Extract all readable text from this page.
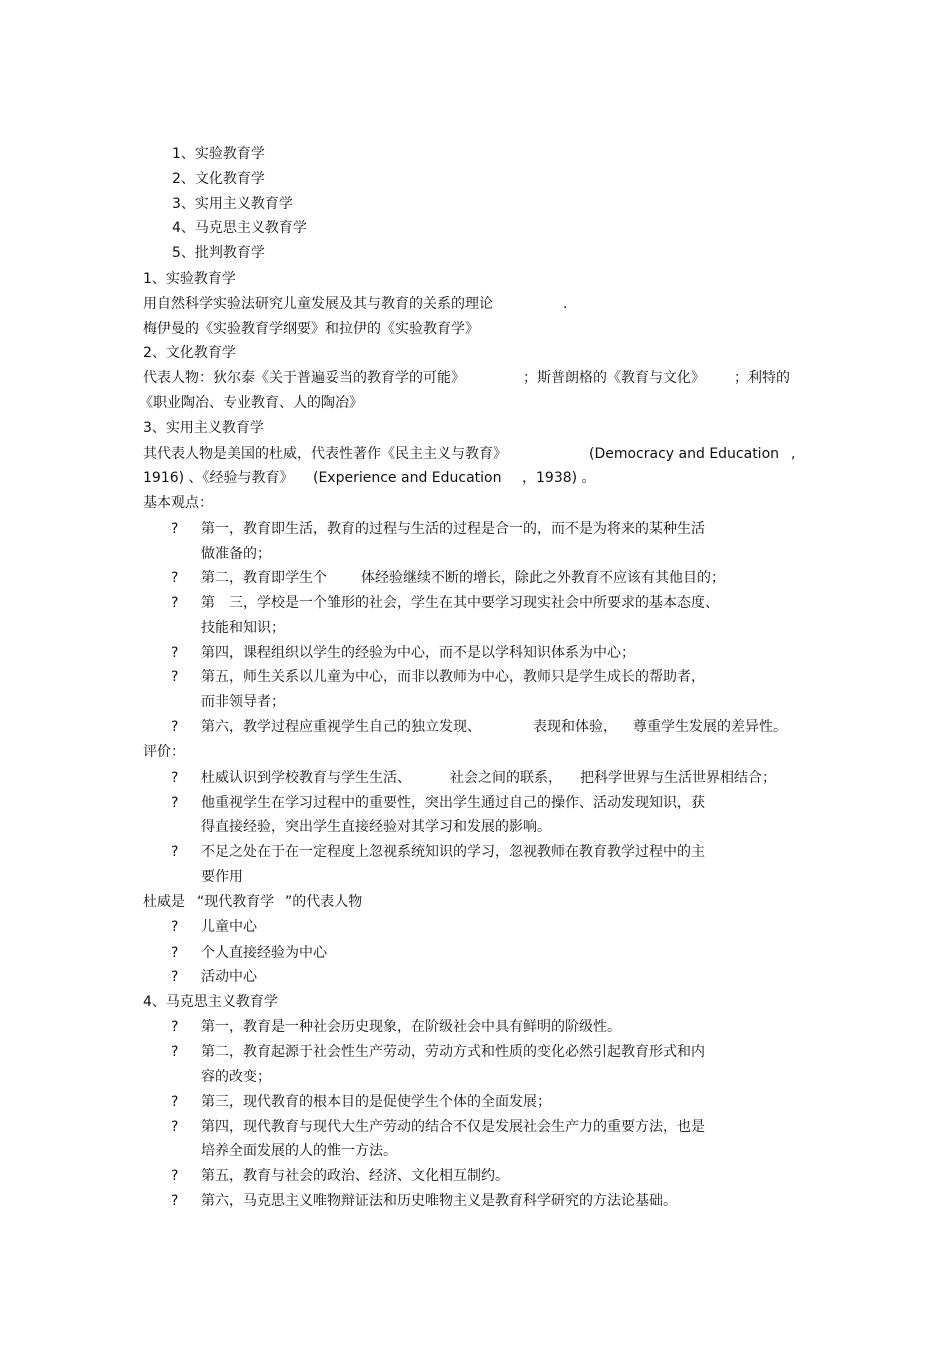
1、实验教育学
2、文化教育学
3、实用主义教育学
4、马克思主义教育学
5、批判教育学
1、实验教育学
用自然科学实验法研究儿童发展及其与教育的关系的理论	.
梅伊曼的《实验教育学纲要》和拉伊的《实验教育学》
2、文化教育学
代表人物：狄尔泰《关于普遍妥当的教育学的可能》	；斯普朗格的《教育与文化》 ；利特的
《职业陶冶、专业教育、人的陶冶》
3、实用主义教育学
其代表人物是美国的杜威，代表性著作《民主主义与教育》	(Democracy and Education ,
1916) 、《经验与教育》 (Experience and Education ，1938) 。
基本观点：
? 第一，教育即生活，教育的过程与生活的过程是合一的，而不是为将来的某种生活
做准备的；
? 第二，教育即学生个 体经验继续不断的增长，除此之外教育不应该有其他目的；
? 第　三，学校是一个雏形的社会，学生在其中要学习现实社会中所要求的基本态度、
技能和知识；
? 第四，课程组织以学生的经验为中心，而不是以学科知识体系为中心；
? 第五，师生关系以儿童为中心，而非以教师为中心，教师只是学生成长的帮助者，
而非领导者；
? 第六，教学过程应重视学生自己的独立发现、	表现和体验， 尊重学生发展的差异性。
评价：
? 杜威认识到学校教育与学生生活、	社会之间的联系， 把科学世界与生活世界相结合；
? 他重视学生在学习过程中的重要性，突出学生通过自己的操作、活动发现知识，获
得直接经验，突出学生直接经验对其学习和发展的影响。
? 不足之处在于在一定程度上忽视系统知识的学习，忽视教师在教育教学过程中的主
要作用
杜威是 “现代教育学 ”的代表人物
? 儿童中心
? 个人直接经验为中心
? 活动中心
4、马克思主义教育学
? 第一，教育是一种社会历史现象，在阶级社会中具有鲜明的阶级性。
? 第二，教育起源于社会性生产劳动，劳动方式和性质的变化必然引起教育形式和内
容的改变；
? 第三，现代教育的根本目的是促使学生个体的全面发展；
? 第四，现代教育与现代大生产劳动的结合不仅是发展社会生产力的重要方法，也是
培养全面发展的人的惟一方法。
? 第五，教育与社会的政治、经济、文化相互制约。
? 第六，马克思主义唯物辩证法和历史唯物主义是教育科学研究的方法论基础。
